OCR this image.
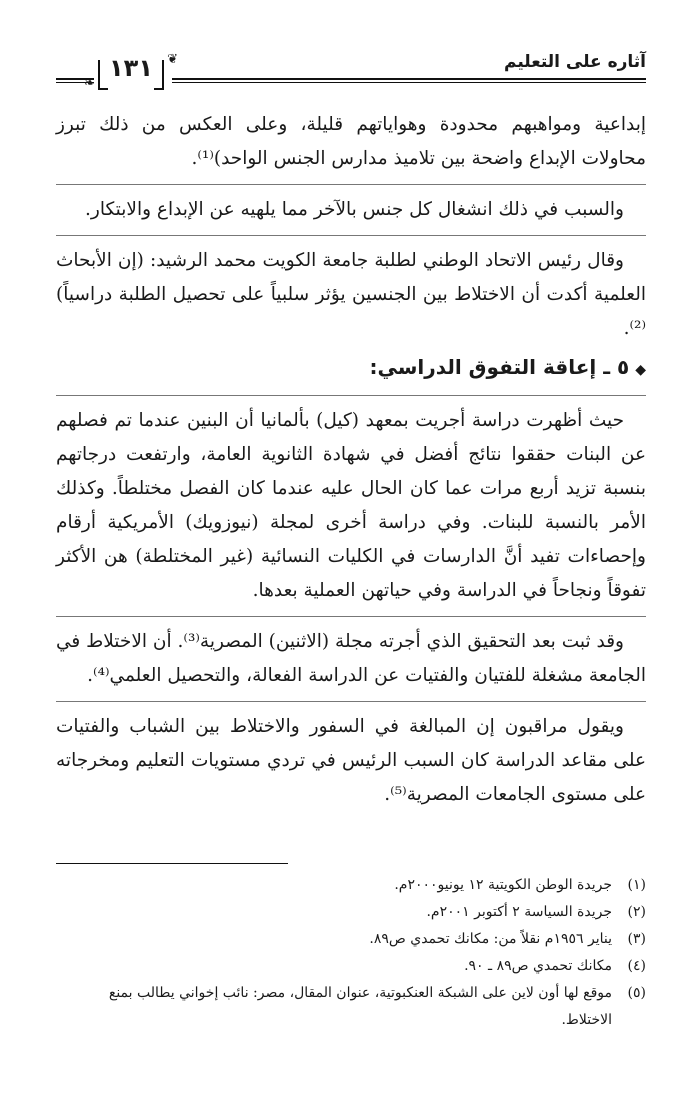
آثاره على التعليم
❦
١٣١
❧

إبداعية ومواهبهم محدودة وهواياتهم قليلة، وعلى العكس من ذلك تبرز محاولات الإبداع واضحة بين تلاميذ مدارس الجنس الواحد)⁽¹⁾.

والسبب في ذلك انشغال كل جنس بالآخر مما يلهيه عن الإبداع والابتكار.

وقال رئيس الاتحاد الوطني لطلبة جامعة الكويت محمد الرشيد: (إن الأبحاث العلمية أكدت أن الاختلاط بين الجنسين يؤثر سلبياً على تحصيل الطلبة دراسياً)⁽²⁾.

◆٥ ـ إعاقة التفوق الدراسي:

حيث أظهرت دراسة أجريت بمعهد (كيل) بألمانيا أن البنين عندما تم فصلهم عن البنات حققوا نتائج أفضل في شهادة الثانوية العامة، وارتفعت درجاتهم بنسبة تزيد أربع مرات عما كان الحال عليه عندما كان الفصل مختلطاً. وكذلك الأمر بالنسبة للبنات. وفي دراسة أخرى لمجلة (نيوزويك) الأمريكية أرقام وإحصاءات تفيد أنَّ الدارسات في الكليات النسائية (غير المختلطة) هن الأكثر تفوقاً ونجاحاً في الدراسة وفي حياتهن العملية بعدها.

وقد ثبت بعد التحقيق الذي أجرته مجلة (الاثنين) المصرية⁽³⁾. أن الاختلاط في الجامعة مشغلة للفتيان والفتيات عن الدراسة الفعالة، والتحصيل العلمي⁽⁴⁾.

ويقول مراقبون إن المبالغة في السفور والاختلاط بين الشباب والفتيات على مقاعد الدراسة كان السبب الرئيس في تردي مستويات التعليم ومخرجاته على مستوى الجامعات المصرية⁽⁵⁾.

(١)
جريدة الوطن الكويتية ١٢ يونيو٢٠٠٠م.
(٢)
جريدة السياسة ٢ أكتوبر ٢٠٠١م.
(٣)
يناير ١٩٥٦م نقلاً من: مكانك تحمدي ص٨٩.
(٤)
مكانك تحمدي ص٨٩ ـ ٩٠.
(٥)
موقع لها أون لاين على الشبكة العنكبوتية، عنوان المقال، مصر: نائب إخواني يطالب بمنع الاختلاط.
